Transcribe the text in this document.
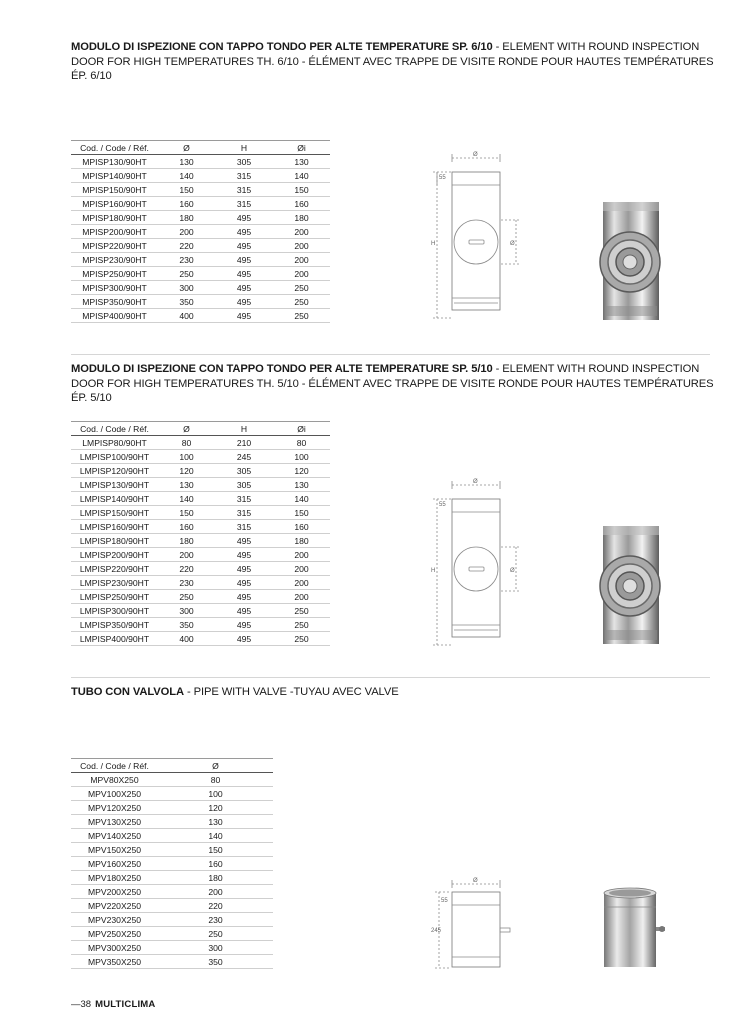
MODULO DI ISPEZIONE CON TAPPO TONDO PER ALTE TEMPERATURE SP. 6/10 - ELEMENT WITH ROUND INSPECTION DOOR FOR HIGH TEMPERATURES TH. 6/10 - ÉLÉMENT AVEC TRAPPE DE VISITE RONDE POUR HAUTES TEMPÉRATURES ÉP. 6/10
Cod. / Code / Réf.	Ø	H	Øi
MPISP130/90HT	130	305	130
MPISP140/90HT	140	315	140
MPISP150/90HT	150	315	150
MPISP160/90HT	160	315	160
MPISP180/90HT	180	495	180
MPISP200/90HT	200	495	200
MPISP220/90HT	220	495	200
MPISP230/90HT	230	495	200
MPISP250/90HT	250	495	200
MPISP300/90HT	300	495	250
MPISP350/90HT	350	495	250
MPISP400/90HT	400	495	250
Ø
55
H	Ø
MODULO DI ISPEZIONE CON TAPPO TONDO PER ALTE TEMPERATURE SP. 5/10 - ELEMENT WITH ROUND INSPECTION DOOR FOR HIGH TEMPERATURES TH. 5/10 - ÉLÉMENT AVEC TRAPPE DE VISITE RONDE POUR HAUTES TEMPÉRATURES ÉP. 5/10
Cod. / Code / Réf.	Ø	H	Øi
LMPISP80/90HT	80	210	80
LMPISP100/90HT	100	245	100
LMPISP120/90HT	120	305	120
LMPISP130/90HT	130	305	130
LMPISP140/90HT	140	315	140
LMPISP150/90HT	150	315	150
LMPISP160/90HT	160	315	160
LMPISP180/90HT	180	495	180
LMPISP200/90HT	200	495	200
LMPISP220/90HT	220	495	200
LMPISP230/90HT	230	495	200
LMPISP250/90HT	250	495	200
LMPISP300/90HT	300	495	250
LMPISP350/90HT	350	495	250
LMPISP400/90HT	400	495	250
Ø
55
H	Ø
TUBO CON VALVOLA - PIPE WITH VALVE -TUYAU AVEC VALVE
Cod. / Code / Réf.	Ø
MPV80X250	80
MPV100X250	100
MPV120X250	120
MPV130X250	130
MPV140X250	140
MPV150X250	150
MPV160X250	160
MPV180X250	180
MPV200X250	200
MPV220X250	220
MPV230X250	230
MPV250X250	250
MPV300X250	300
MPV350X250	350
Ø
55
245
—38 MULTICLIMA
